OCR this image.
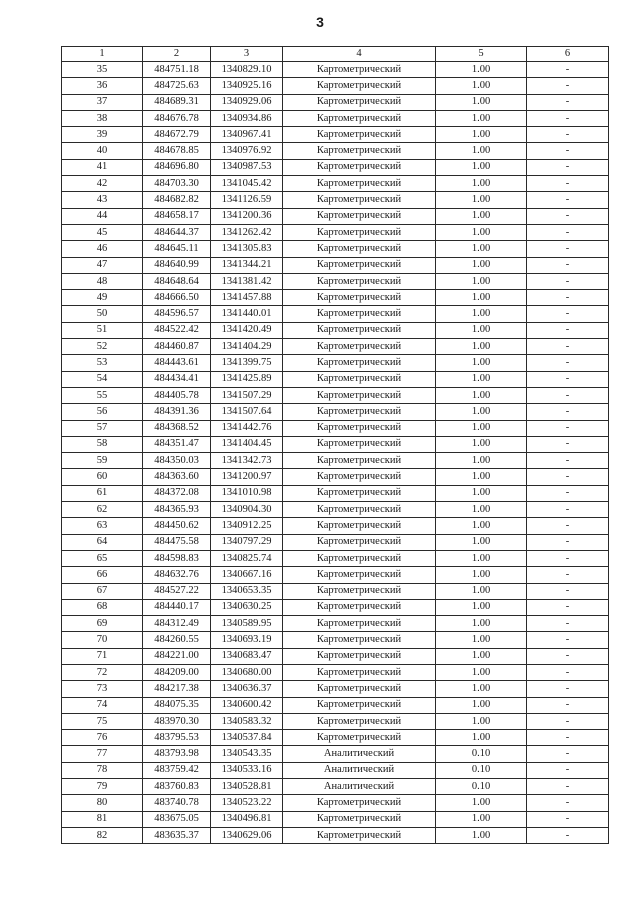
3
1	2	3	4	5	6
35	484751.18	1340829.10	Картометрический	1.00	-
36	484725.63	1340925.16	Картометрический	1.00	-
37	484689.31	1340929.06	Картометрический	1.00	-
38	484676.78	1340934.86	Картометрический	1.00	-
39	484672.79	1340967.41	Картометрический	1.00	-
40	484678.85	1340976.92	Картометрический	1.00	-
41	484696.80	1340987.53	Картометрический	1.00	-
42	484703.30	1341045.42	Картометрический	1.00	-
43	484682.82	1341126.59	Картометрический	1.00	-
44	484658.17	1341200.36	Картометрический	1.00	-
45	484644.37	1341262.42	Картометрический	1.00	-
46	484645.11	1341305.83	Картометрический	1.00	-
47	484640.99	1341344.21	Картометрический	1.00	-
48	484648.64	1341381.42	Картометрический	1.00	-
49	484666.50	1341457.88	Картометрический	1.00	-
50	484596.57	1341440.01	Картометрический	1.00	-
51	484522.42	1341420.49	Картометрический	1.00	-
52	484460.87	1341404.29	Картометрический	1.00	-
53	484443.61	1341399.75	Картометрический	1.00	-
54	484434.41	1341425.89	Картометрический	1.00	-
55	484405.78	1341507.29	Картометрический	1.00	-
56	484391.36	1341507.64	Картометрический	1.00	-
57	484368.52	1341442.76	Картометрический	1.00	-
58	484351.47	1341404.45	Картометрический	1.00	-
59	484350.03	1341342.73	Картометрический	1.00	-
60	484363.60	1341200.97	Картометрический	1.00	-
61	484372.08	1341010.98	Картометрический	1.00	-
62	484365.93	1340904.30	Картометрический	1.00	-
63	484450.62	1340912.25	Картометрический	1.00	-
64	484475.58	1340797.29	Картометрический	1.00	-
65	484598.83	1340825.74	Картометрический	1.00	-
66	484632.76	1340667.16	Картометрический	1.00	-
67	484527.22	1340653.35	Картометрический	1.00	-
68	484440.17	1340630.25	Картометрический	1.00	-
69	484312.49	1340589.95	Картометрический	1.00	-
70	484260.55	1340693.19	Картометрический	1.00	-
71	484221.00	1340683.47	Картометрический	1.00	-
72	484209.00	1340680.00	Картометрический	1.00	-
73	484217.38	1340636.37	Картометрический	1.00	-
74	484075.35	1340600.42	Картометрический	1.00	-
75	483970.30	1340583.32	Картометрический	1.00	-
76	483795.53	1340537.84	Картометрический	1.00	-
77	483793.98	1340543.35	Аналитический	0.10	-
78	483759.42	1340533.16	Аналитический	0.10	-
79	483760.83	1340528.81	Аналитический	0.10	-
80	483740.78	1340523.22	Картометрический	1.00	-
81	483675.05	1340496.81	Картометрический	1.00	-
82	483635.37	1340629.06	Картометрический	1.00	-
